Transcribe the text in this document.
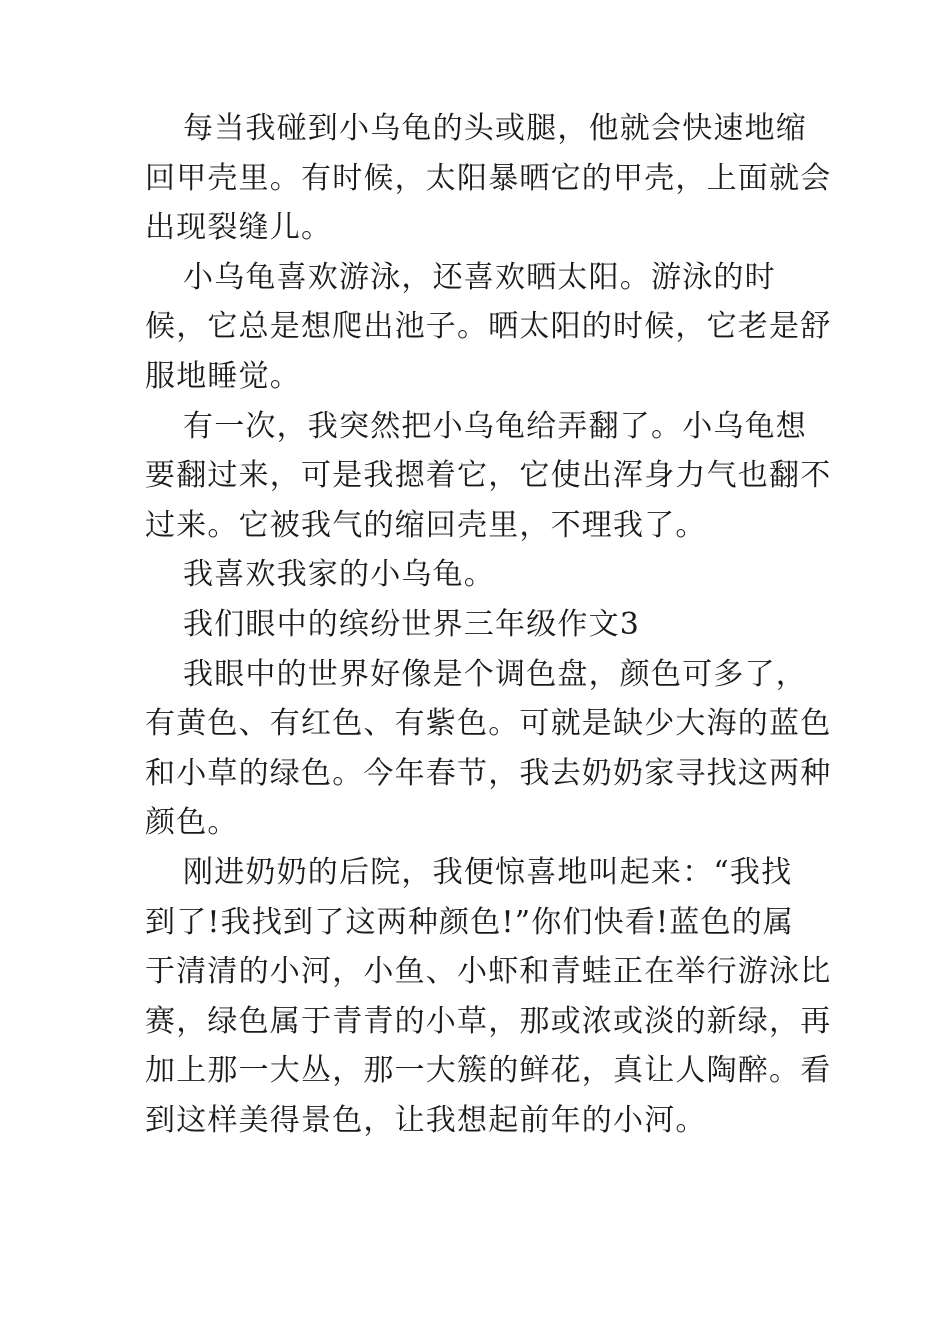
每当我碰到小乌龟的头或腿，他就会快速地缩
回甲壳里。有时候，太阳暴晒它的甲壳，上面就会
出现裂缝儿。
小乌龟喜欢游泳，还喜欢晒太阳。游泳的时
候，它总是想爬出池子。晒太阳的时候，它老是舒
服地睡觉。
有一次，我突然把小乌龟给弄翻了。小乌龟想
要翻过来，可是我摁着它，它使出浑身力气也翻不
过来。它被我气的缩回壳里，不理我了。
我喜欢我家的小乌龟。
我们眼中的缤纷世界三年级作文3
我眼中的世界好像是个调色盘，颜色可多了，
有黄色、有红色、有紫色。可就是缺少大海的蓝色
和小草的绿色。今年春节，我去奶奶家寻找这两种
颜色。
刚进奶奶的后院，我便惊喜地叫起来：“我找
到了!我找到了这两种颜色!”你们快看!蓝色的属
于清清的小河，小鱼、小虾和青蛙正在举行游泳比
赛，绿色属于青青的小草，那或浓或淡的新绿，再
加上那一大丛，那一大簇的鲜花，真让人陶醉。看
到这样美得景色，让我想起前年的小河。
